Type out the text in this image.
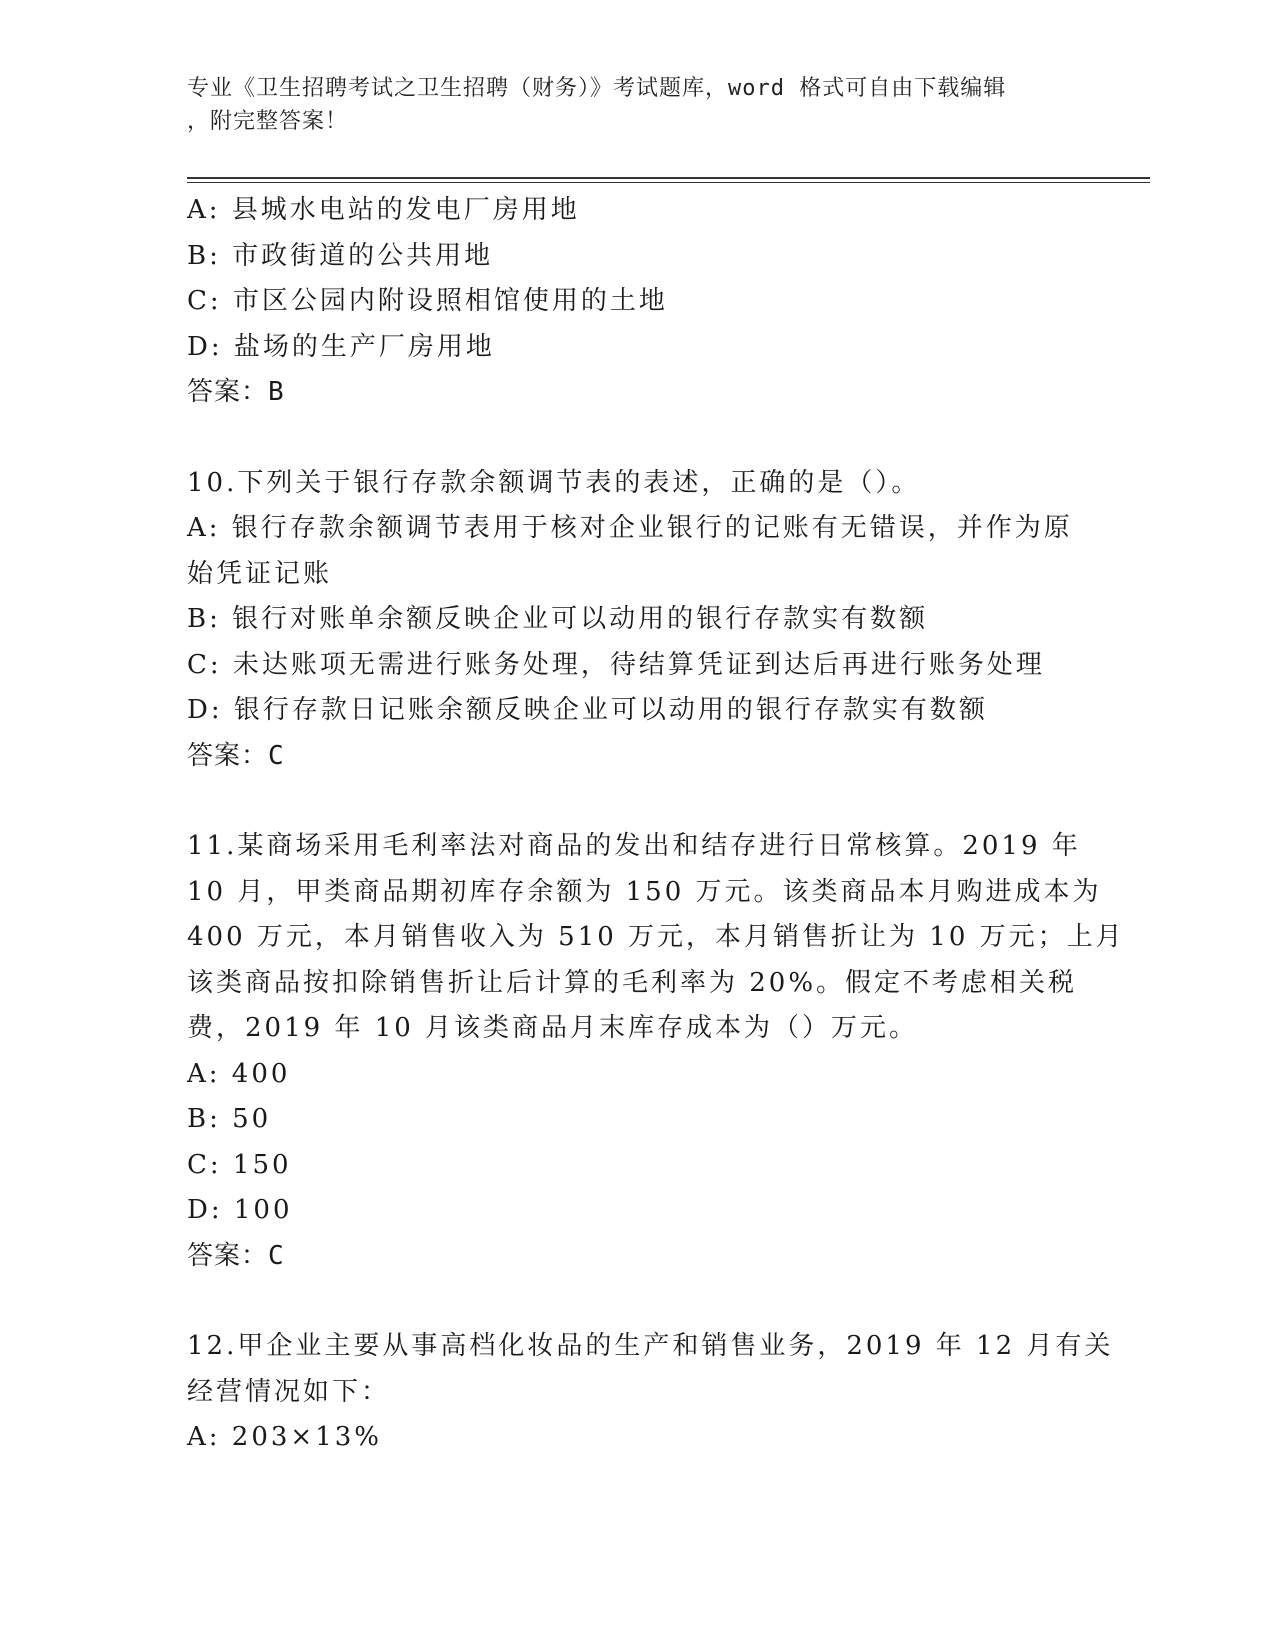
专业《卫生招聘考试之卫生招聘（财务）》考试题库，word 格式可自由下载编辑
，附完整答案！
A: 县城水电站的发电厂房用地
B: 市政街道的公共用地
C: 市区公园内附设照相馆使用的土地
D: 盐场的生产厂房用地
答案：B
10.下列关于银行存款余额调节表的表述，正确的是（）。
A: 银行存款余额调节表用于核对企业银行的记账有无错误，并作为原
始凭证记账
B: 银行对账单余额反映企业可以动用的银行存款实有数额
C: 未达账项无需进行账务处理，待结算凭证到达后再进行账务处理
D: 银行存款日记账余额反映企业可以动用的银行存款实有数额
答案：C
11.某商场采用毛利率法对商品的发出和结存进行日常核算。2019 年
10 月，甲类商品期初库存余额为 150 万元。该类商品本月购进成本为
400 万元，本月销售收入为 510 万元，本月销售折让为 10 万元；上月
该类商品按扣除销售折让后计算的毛利率为 20%。假定不考虑相关税
费，2019 年 10 月该类商品月末库存成本为（）万元。
A: 400
B: 50
C: 150
D: 100
答案：C
12.甲企业主要从事高档化妆品的生产和销售业务，2019 年 12 月有关
经营情况如下：
A: 203×13%
